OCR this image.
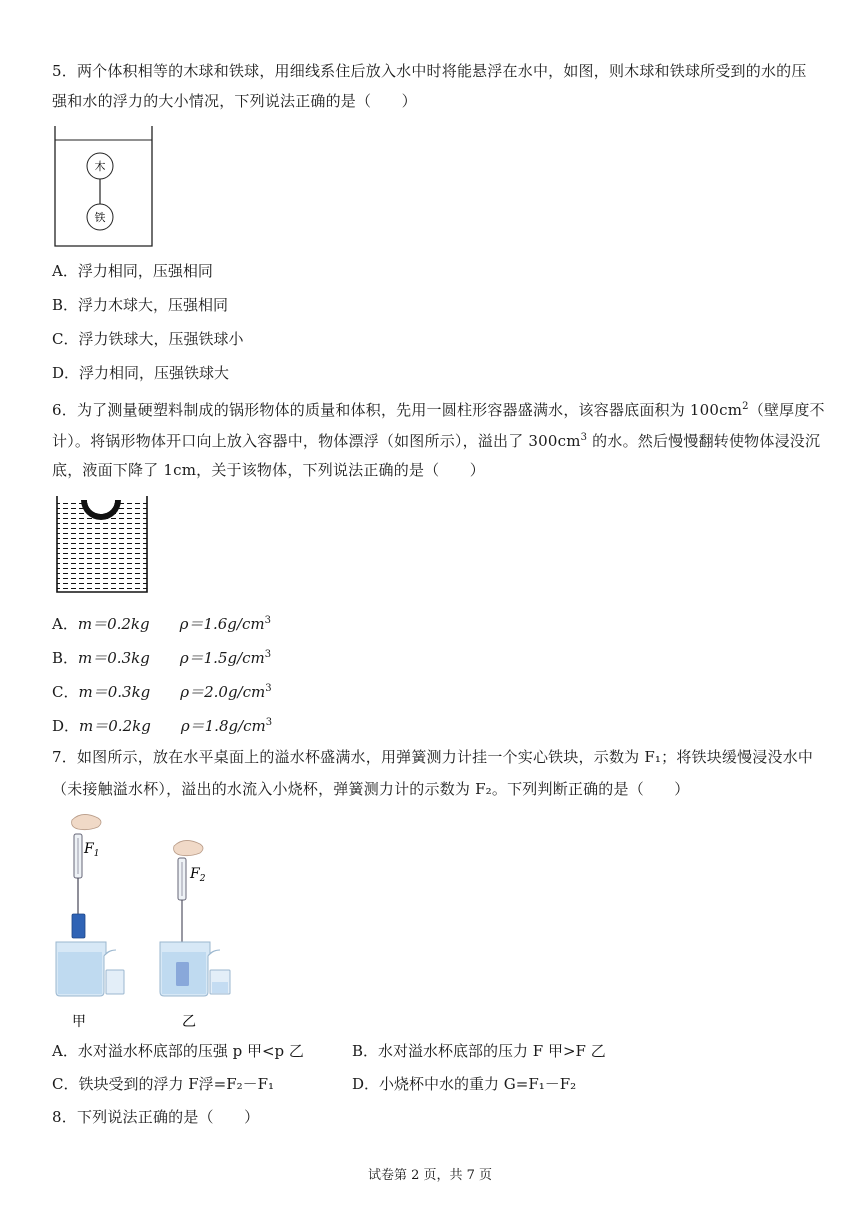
5．两个体积相等的木球和铁球，用细线系住后放入水中时将能悬浮在水中，如图，则木球和铁球所受到的水的压
强和水的浮力的大小情况，下列说法正确的是（　　）
木
铁
A．浮力相同，压强相同
B．浮力木球大，压强相同
C．浮力铁球大，压强铁球小
D．浮力相同，压强铁球大
6．为了测量硬塑料制成的锅形物体的质量和体积，先用一圆柱形容器盛满水，该容器底面积为 $100cm^2$（壁厚度不
计）。将锅形物体开口向上放入容器中，物体漂浮（如图所示），溢出了 $300cm^3$ 的水。然后慢慢翻转使物体浸没沉
底，液面下降了 1cm，关于该物体，下列说法正确的是（　　）
A．m＝0.2kg $\rho=1.6g/cm^3$
B．m＝0.3kg $\rho=1.5g/cm^3$
C．m＝0.3kg $\rho=2.0g/cm^3$
D．m＝0.2kg $\rho=1.8g/cm^3$
7．如图所示，放在水平桌面上的溢水杯盛满水，用弹簧测力计挂一个实心铁块，示数为 F₁；将铁块缓慢浸没水中
（未接触溢水杯），溢出的水流入小烧杯，弹簧测力计的示数为 F₂。下列判断正确的是（　　）
$F_1$
甲
$F_2$
乙
A．水对溢水杯底部的压强 p 甲<p 乙	B．水对溢水杯底部的压力 F 甲>F 乙
C．铁块受到的浮力 F浮=F₂－F₁	D．小烧杯中水的重力 G=F₁－F₂
8．下列说法正确的是（　　）
试卷第 2 页，共 7 页
